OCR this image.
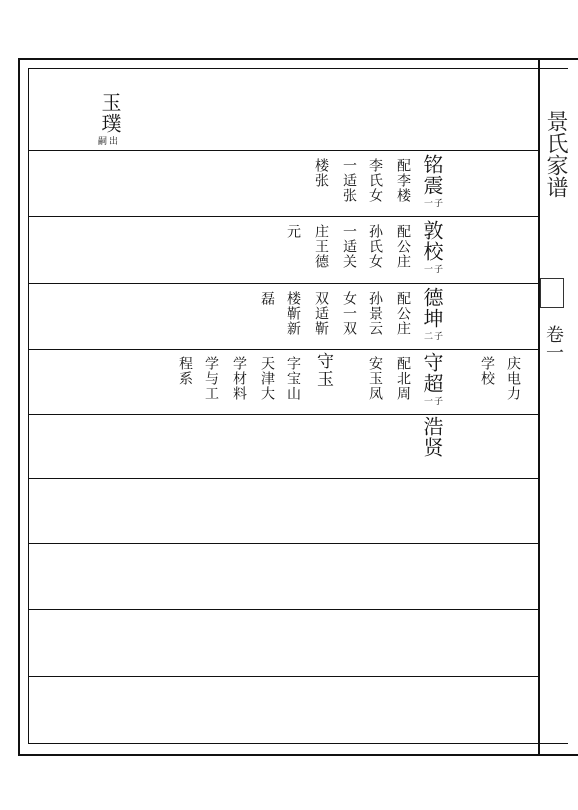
景氏家谱
卷一
玉璞
嗣出
铭震
一子
配李楼
李氏女
一适张
楼张
敦校
一子
配公庄
孙氏女
一适关
庄王德
元
德坤
二子
配公庄
孙景云
女一双
双适靳
楼靳新
磊
庆电力
学校
守超
一子
配北周
安玉凤
守玉
字宝山
天津大
学材料
学与工
程系
浩贤
